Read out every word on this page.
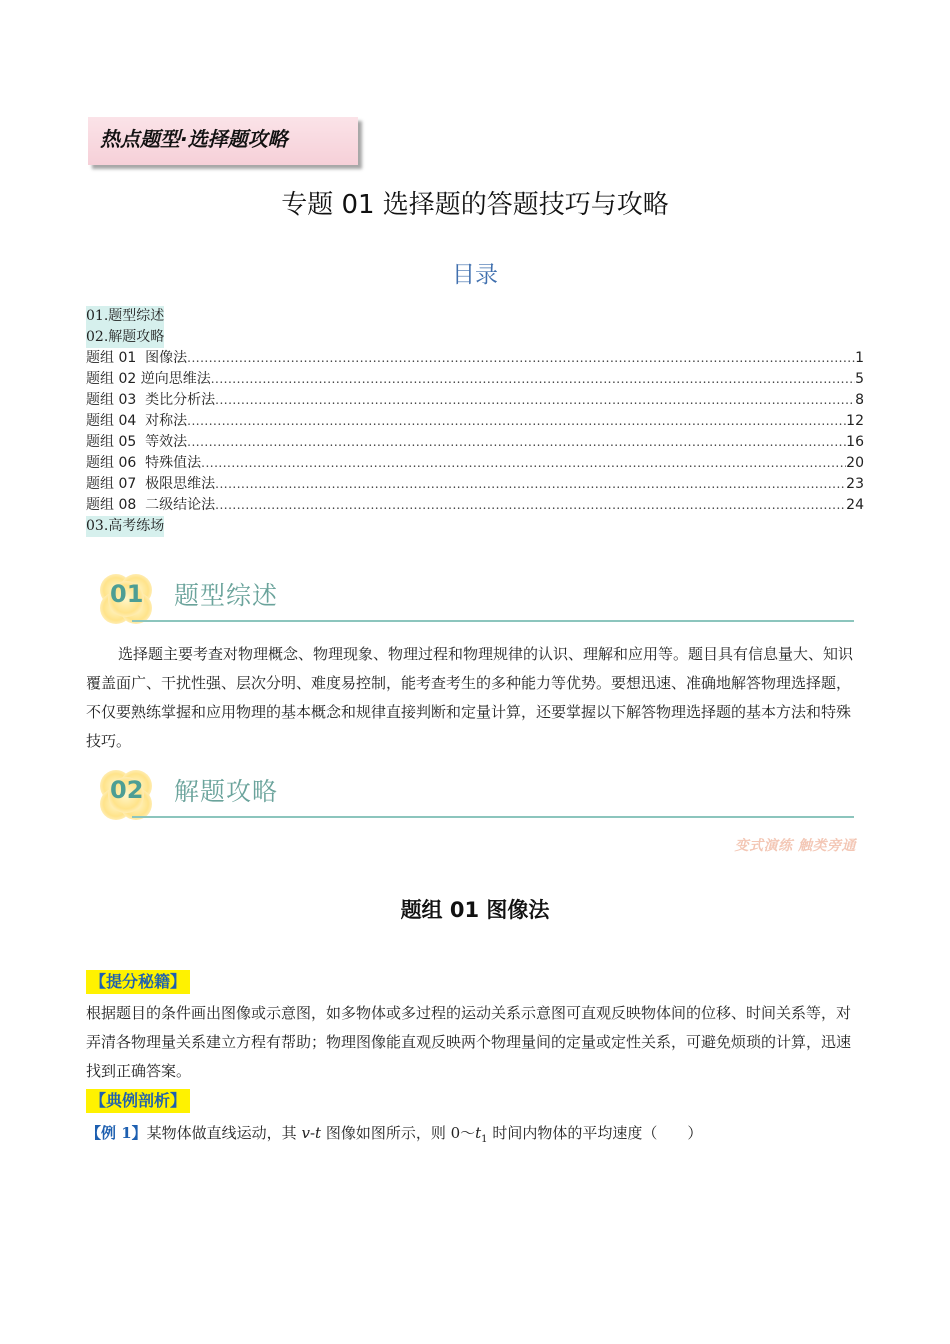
热点题型·选择题攻略
专题 01 选择题的答题技巧与攻略
目录
01.题型综述
02.解题攻略
题组 01  图像法 .....	1
题组 02 逆向思维法 .....	5
题组 03  类比分析法 .....	8
题组 04  对称法 .....	12
题组 05  等效法 .....	16
题组 06  特殊值法 .....	20
题组 07  极限思维法 .....	23
题组 08  二级结论法 .....	24
03.高考练场
01 题型综述
选择题主要考查对物理概念、物理现象、物理过程和物理规律的认识、理解和应用等。题目具有信息量大、知识覆盖面广、干扰性强、层次分明、难度易控制，能考查考生的多种能力等优势。要想迅速、准确地解答物理选择题，不仅要熟练掌握和应用物理的基本概念和规律直接判断和定量计算，还要掌握以下解答物理选择题的基本方法和特殊技巧。
02 解题攻略
变式演练 触类旁通
题组 01 图像法
【提分秘籍】
根据题目的条件画出图像或示意图，如多物体或多过程的运动关系示意图可直观反映物体间的位移、时间关系等，对弄清各物理量关系建立方程有帮助；物理图像能直观反映两个物理量间的定量或定性关系，可避免烦琐的计算，迅速找到正确答案。
【典例剖析】
【例 1】某物体做直线运动，其 v-t 图像如图所示，则 $0\sim t_1$ 时间内物体的平均速度（　　）
